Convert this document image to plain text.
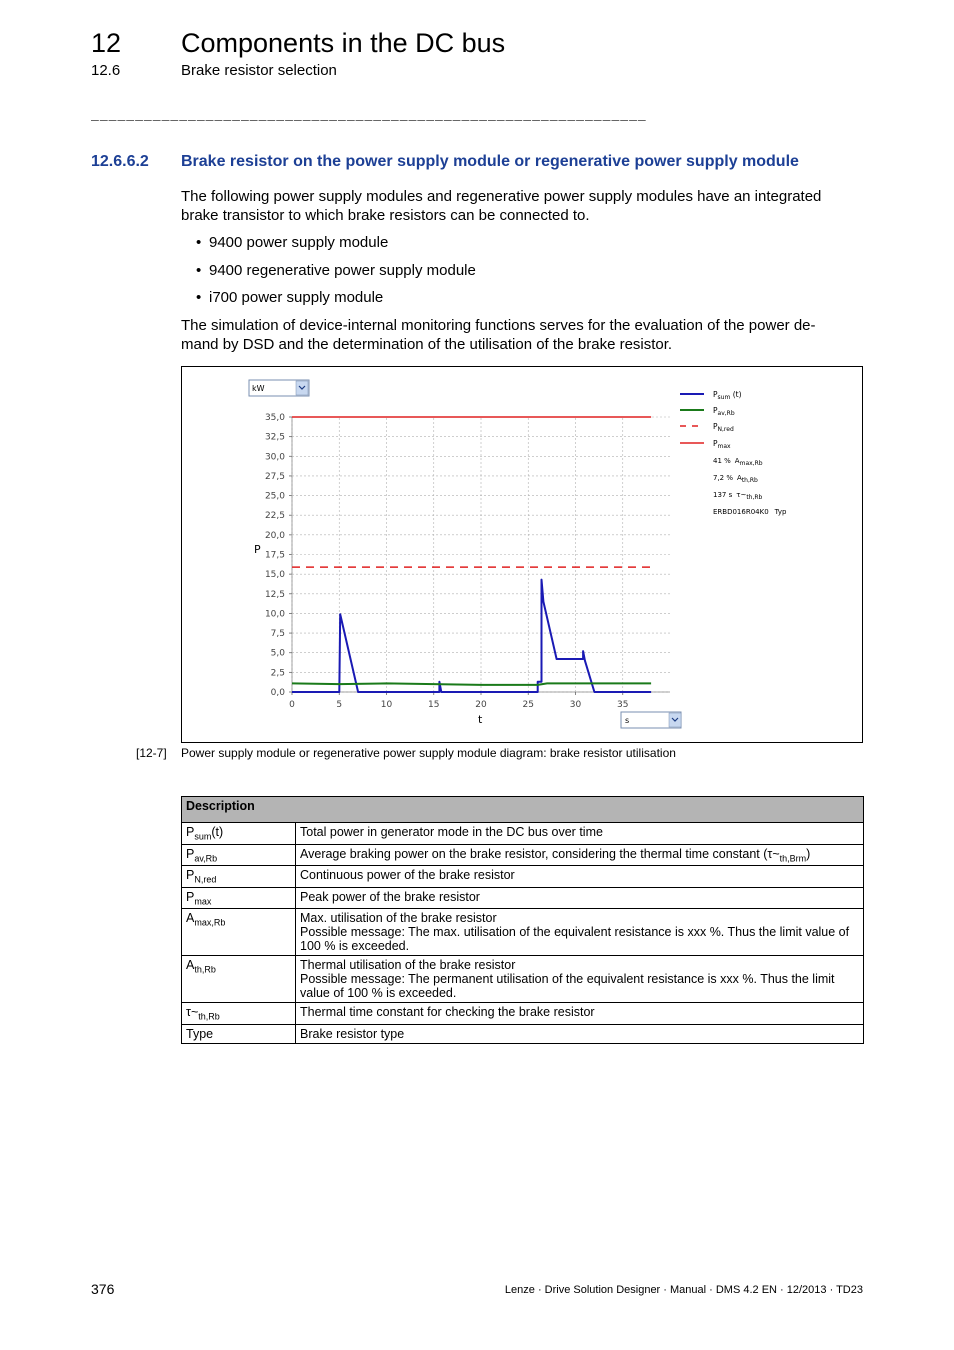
12 Components in the DC bus
12.6	Brake resistor selection
_______________________________________________________________
12.6.6.2 Brake resistor on the power supply module or regenerative power supply module
The following power supply modules and regenerative power supply modules have an integrated
brake transistor to which brake resistors can be connected to.
• 9400 power supply module
• 9400 regenerative power supply module
• i700 power supply module
The simulation of device-internal monitoring functions serves for the evaluation of the power de-
mand by DSD and the determination of the utilisation of the brake resistor.
kW
s
0,0
2,5
5,0
7,5
10,0
12,5
15,0
17,5
20,0
22,5
25,0
27,5
30,0
32,5
35,0
0	5	10	15	20	25	30	35
P
t
$P_{sum}$ (t)
$P_{av,Rb}$
$P_{N,red}$
$P_{max}$
41 % Amax,Rb
7,2 % Ath,Rb
137 s τ~th,Rb
ERBD016R04K0 Typ
[12-7] Power supply module or regenerative power supply module diagram: brake resistor utilisation
Description	
$P_{sum}(t)$	Total power in generator mode in the DC bus over time
$P_{av,Rb}$	Average braking power on the brake resistor, considering the thermal time constant $(\tau\sim_{th,Brm})$
$P_{N,red}$	Continuous power of the brake resistor
$P_{max}$	Peak power of the brake resistor
$A_{max,Rb}$	Max. utilisation of the brake resistor
Possible message: The max. utilisation of the equivalent resistance is xxx %. Thus the limit value of 100 % is exceeded.

$A_{th,Rb}$	Thermal utilisation of the brake resistor
Possible message: The permanent utilisation of the equivalent resistance is xxx %. Thus the limit value of 100 % is exceeded.

$\tau\sim_{th,Rb}$	Thermal time constant for checking the brake resistor
Type	Brake resistor type
376	Lenze · Drive Solution Designer · Manual · DMS 4.2 EN · 12/2013 · TD23
